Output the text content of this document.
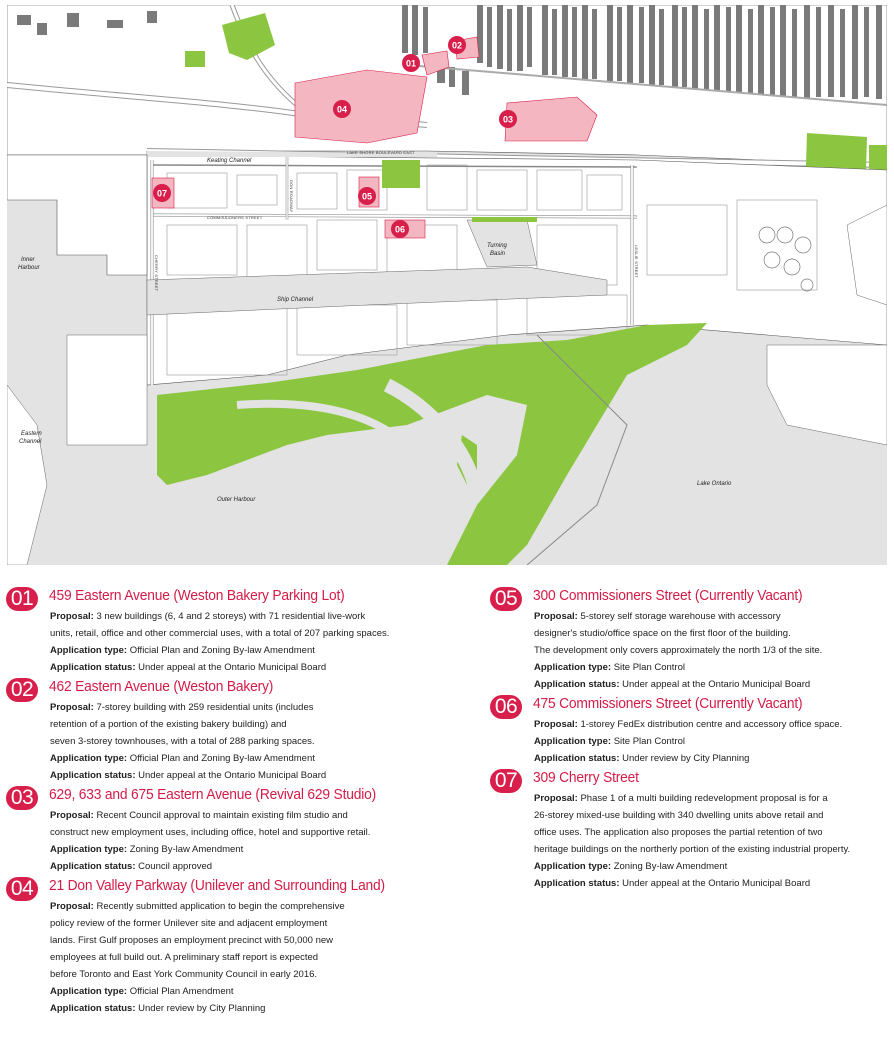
01
02
03
04
05
06
07
Keating Channel
Inner
Harbour
Turning
Basin
Ship Channel
Eastern
Channel
Outer Harbour
Lake Ontario
LAKE SHORE BOULEVARD EAST
COMMISSIONERS STREET
CHERRY STREET	LESLIE STREET
DON ROADWAY
01	459 Eastern Avenue (Weston Bakery Parking Lot)
Proposal: 3 new buildings (6, 4 and 2 storeys) with 71 residential live-work
units, retail, office and other commercial uses, with a total of 207 parking spaces.
Application type: Official Plan and Zoning By-law Amendment
Application status: Under appeal at the Ontario Municipal Board
02	462 Eastern Avenue (Weston Bakery)
Proposal: 7-storey building with 259 residential units (includes
retention of a portion of the existing bakery building) and
seven 3-storey townhouses, with a total of 288 parking spaces.
Application type: Official Plan and Zoning By-law Amendment
Application status: Under appeal at the Ontario Municipal Board
03	629, 633 and 675 Eastern Avenue (Revival 629 Studio)
Proposal: Recent Council approval to maintain existing film studio and
construct new employment uses, including office, hotel and supportive retail.
Application type: Zoning By-law Amendment
Application status: Council approved
04	21 Don Valley Parkway (Unilever and Surrounding Land)
Proposal: Recently submitted application to begin the comprehensive
policy review of the former Unilever site and adjacent employment
lands. First Gulf proposes an employment precinct with 50,000 new
employees at full build out. A preliminary staff report is expected
before Toronto and East York Community Council in early 2016.
Application type: Official Plan Amendment
Application status: Under review by City Planning
05	300 Commissioners Street (Currently Vacant)
Proposal: 5-storey self storage warehouse with accessory
designer's studio/office space on the first floor of the building.
The development only covers approximately the north 1/3 of the site.
Application type: Site Plan Control
Application status: Under appeal at the Ontario Municipal Board
06	475 Commissioners Street (Currently Vacant)
Proposal: 1-storey FedEx distribution centre and accessory office space.
Application type: Site Plan Control
Application status: Under review by City Planning
07	309 Cherry Street
Proposal: Phase 1 of a multi building redevelopment proposal is for a
26-storey mixed-use building with 340 dwelling units above retail and
office uses. The application also proposes the partial retention of two
heritage buildings on the northerly portion of the existing industrial property.
Application type: Zoning By-law Amendment
Application status: Under appeal at the Ontario Municipal Board
